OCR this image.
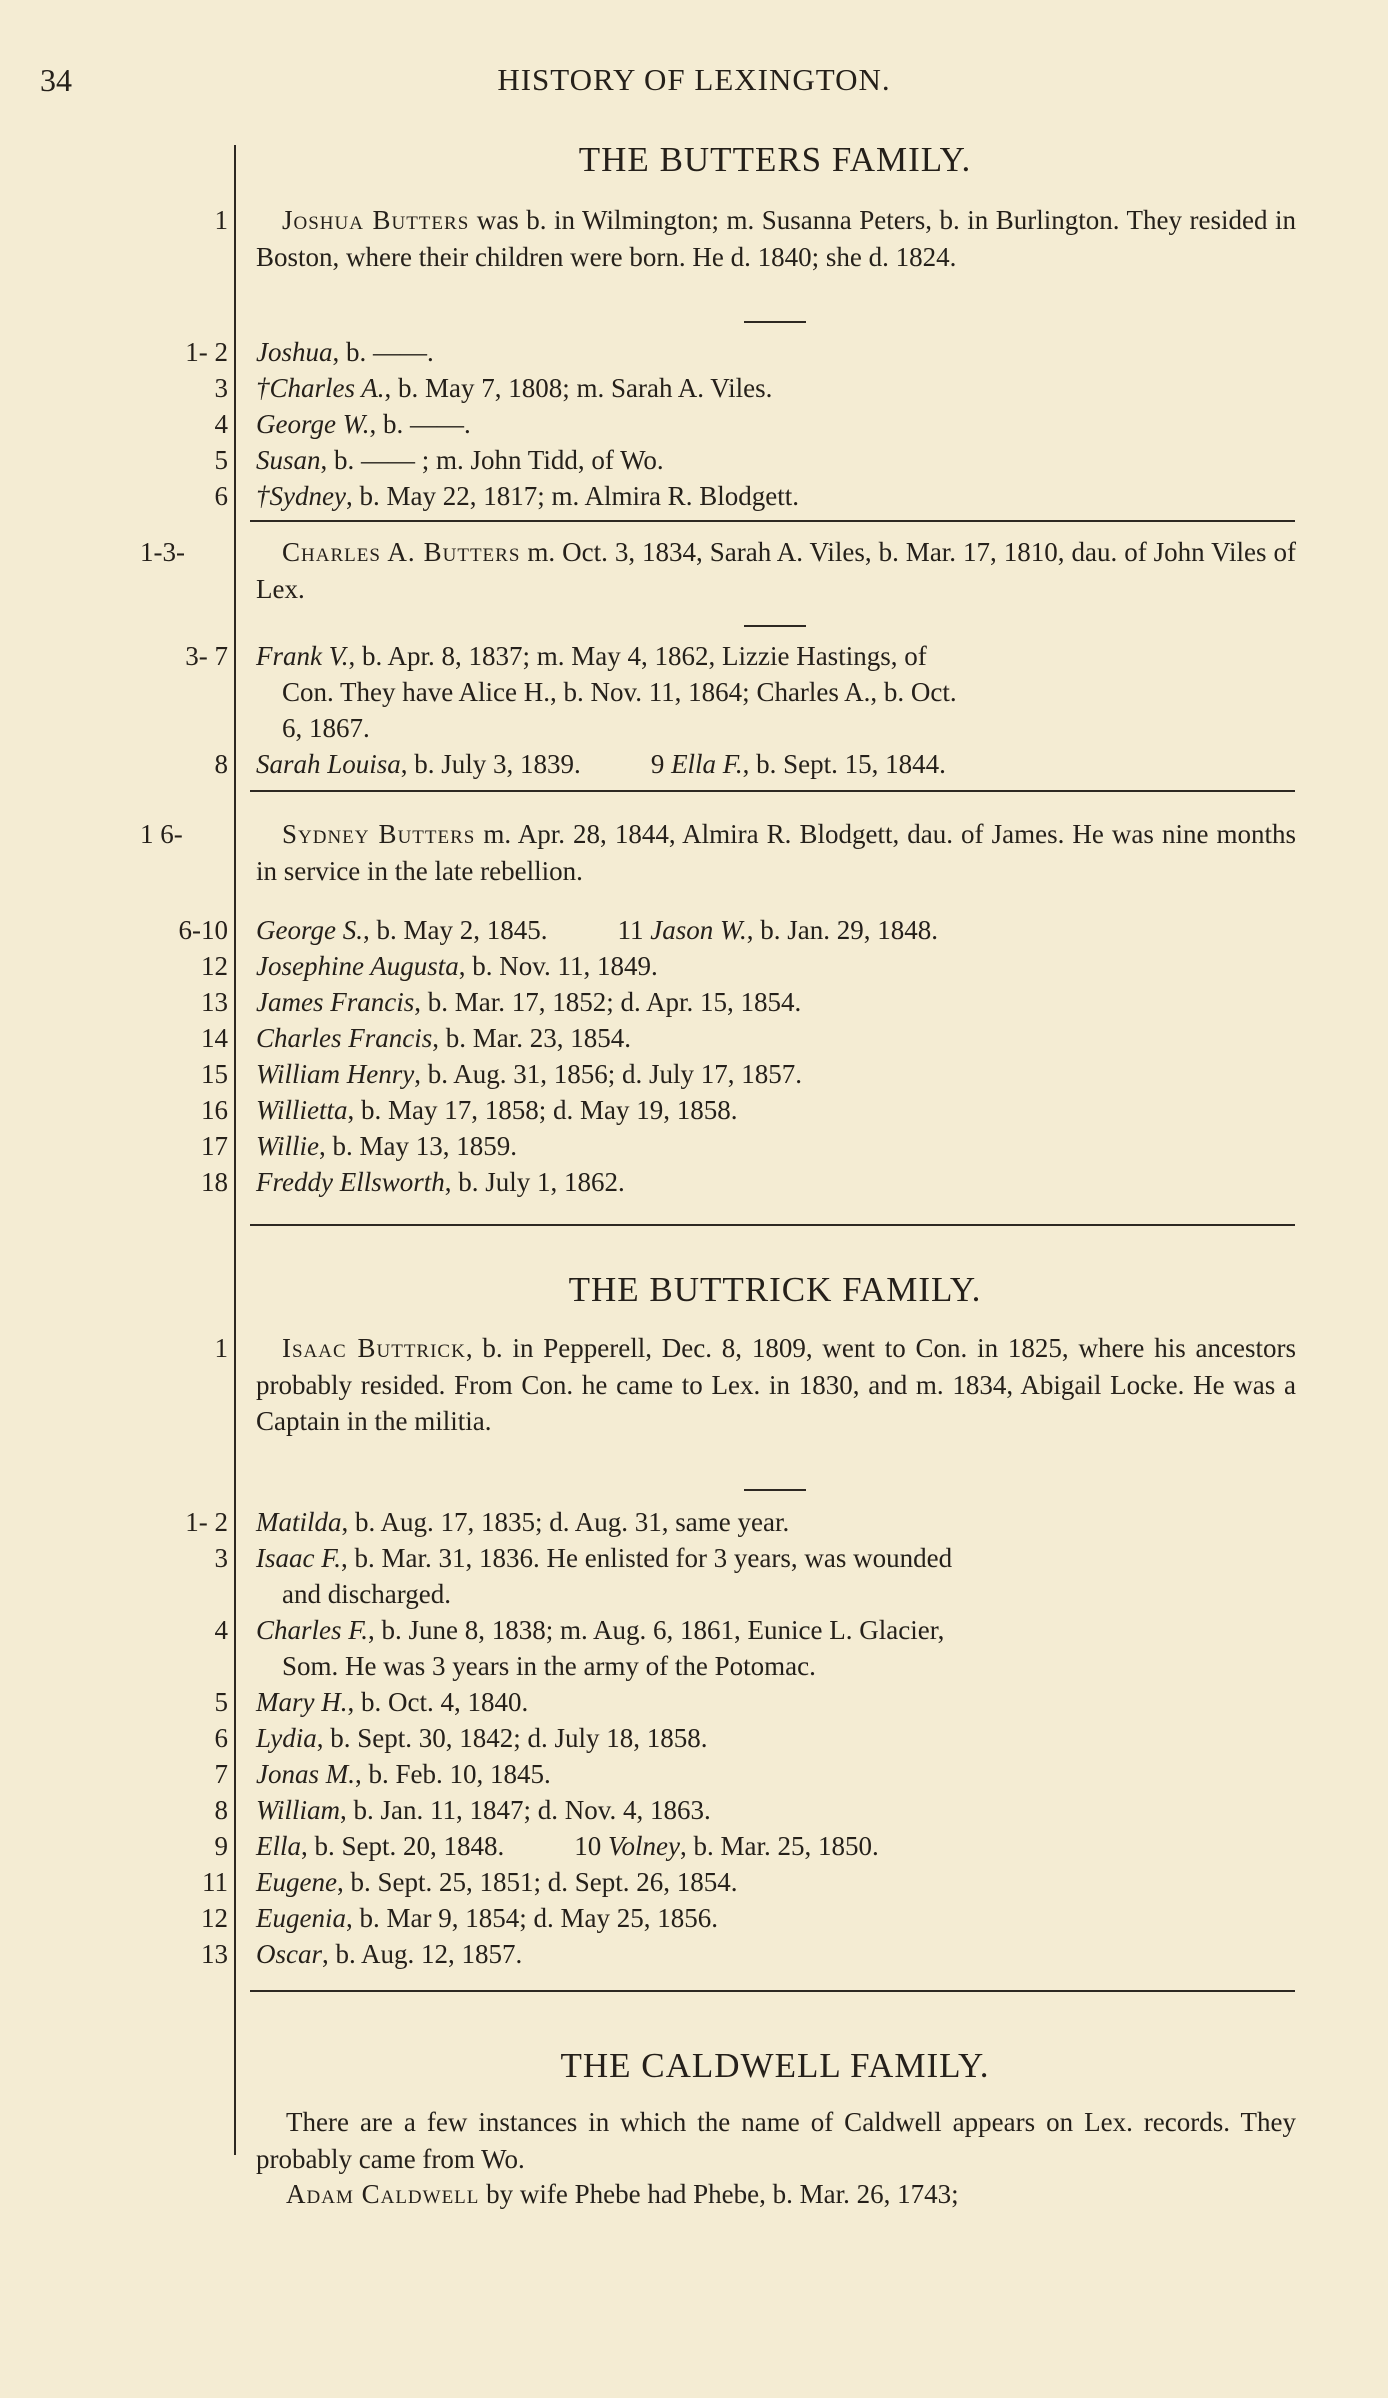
34	HISTORY OF LEXINGTON.
THE BUTTERS FAMILY.
1	Joshua Butters was b. in Wilmington; m. Susanna Peters, b. in Burlington. They resided in Boston, where their children were born. He d. 1840; she d. 1824.
1- 2 Joshua, b. ——.
3 †Charles A., b. May 7, 1808; m. Sarah A. Viles.
4 George W., b. ——.
5 Susan, b. —— ; m. John Tidd, of Wo.
6 †Sydney, b. May 22, 1817; m. Almira R. Blodgett.
1-3-	Charles A. Butters m. Oct. 3, 1834, Sarah A. Viles, b. Mar. 17, 1810, dau. of John Viles of Lex.
3- 7 Frank V., b. Apr. 8, 1837; m. May 4, 1862, Lizzie Hastings, of
Con. They have Alice H., b. Nov. 11, 1864; Charles A., b. Oct.
6, 1867.
8 Sarah Louisa, b. July 3, 1839.	9 Ella F., b. Sept. 15, 1844.
1 6-	Sydney Butters m. Apr. 28, 1844, Almira R. Blodgett, dau. of James. He was nine months in service in the late rebellion.
6-10 George S., b. May 2, 1845.	11 Jason W., b. Jan. 29, 1848.
12 Josephine Augusta, b. Nov. 11, 1849.
13 James Francis, b. Mar. 17, 1852; d. Apr. 15, 1854.
14 Charles Francis, b. Mar. 23, 1854.
15 William Henry, b. Aug. 31, 1856; d. July 17, 1857.
16 Willietta, b. May 17, 1858; d. May 19, 1858.
17 Willie, b. May 13, 1859.
18 Freddy Ellsworth, b. July 1, 1862.
THE BUTTRICK FAMILY.
1	Isaac Buttrick, b. in Pepperell, Dec. 8, 1809, went to Con. in 1825, where his ancestors probably resided. From Con. he came to Lex. in 1830, and m. 1834, Abigail Locke. He was a Captain in the militia.
1- 2 Matilda, b. Aug. 17, 1835; d. Aug. 31, same year.
3 Isaac F., b. Mar. 31, 1836. He enlisted for 3 years, was wounded
and discharged.
4 Charles F., b. June 8, 1838; m. Aug. 6, 1861, Eunice L. Glacier,
Som. He was 3 years in the army of the Potomac.
5 Mary H., b. Oct. 4, 1840.
6 Lydia, b. Sept. 30, 1842; d. July 18, 1858.
7 Jonas M., b. Feb. 10, 1845.
8 William, b. Jan. 11, 1847; d. Nov. 4, 1863.
9 Ella, b. Sept. 20, 1848.	10 Volney, b. Mar. 25, 1850.
11 Eugene, b. Sept. 25, 1851; d. Sept. 26, 1854.
12 Eugenia, b. Mar 9, 1854; d. May 25, 1856.
13 Oscar, b. Aug. 12, 1857.
THE CALDWELL FAMILY.
There are a few instances in which the name of Caldwell appears on Lex. records. They probably came from Wo.
Adam Caldwell by wife Phebe had Phebe, b. Mar. 26, 1743;
